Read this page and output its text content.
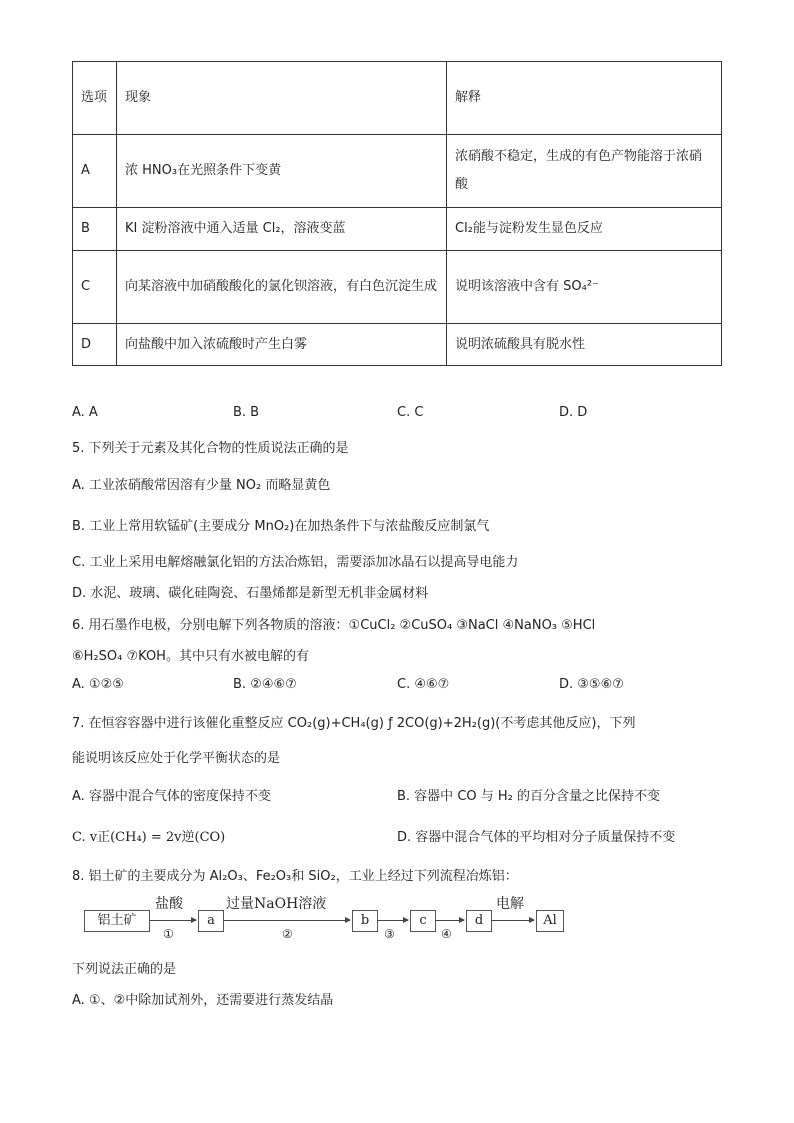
选项	现象	解释
A	浓 HNO₃在光照条件下变黄	浓硝酸不稳定，生成的有色产物能溶于浓硝酸
B	KI 淀粉溶液中通入适量 Cl₂，溶液变蓝	Cl₂能与淀粉发生显色反应
C	向某溶液中加硝酸酸化的氯化钡溶液，有白色沉淀生成	说明该溶液中含有 SO₄²⁻
D	向盐酸中加入浓硫酸时产生白雾	说明浓硫酸具有脱水性
A. A	B. B	C. C	D. D
5. 下列关于元素及其化合物的性质说法正确的是
A. 工业浓硝酸常因溶有少量 NO₂ 而略显黄色
B. 工业上常用软锰矿(主要成分 MnO₂)在加热条件下与浓盐酸反应制氯气
C. 工业上采用电解熔融氯化铝的方法冶炼铝，需要添加冰晶石以提高导电能力
D. 水泥、玻璃、碳化硅陶瓷、石墨烯都是新型无机非金属材料
6. 用石墨作电极，分别电解下列各物质的溶液：①CuCl₂ ②CuSO₄ ③NaCl ④NaNO₃ ⑤HCl
⑥H₂SO₄ ⑦KOH。其中只有水被电解的有
A. ①②⑤	B. ②④⑥⑦	C. ④⑥⑦	D. ③⑤⑥⑦
7. 在恒容容器中进行该催化重整反应 CO₂(g)+CH₄(g) ƒ 2CO(g)+2H₂(g)(不考虑其他反应)，下列
能说明该反应处于化学平衡状态的是
A. 容器中混合气体的密度保持不变	B. 容器中 CO 与 H₂ 的百分含量之比保持不变
C. v正(CH₄) = 2v逆(CO)	D. 容器中混合气体的平均相对分子质量保持不变
8. 铝土矿的主要成分为 Al₂O₃、Fe₂O₃和 SiO₂，工业上经过下列流程冶炼铝：
铝土矿
盐酸
①
a
过量NaOH溶液
②
b
③
c
④
d
电解
Al
下列说法正确的是
A. ①、②中除加试剂外，还需要进行蒸发结晶
